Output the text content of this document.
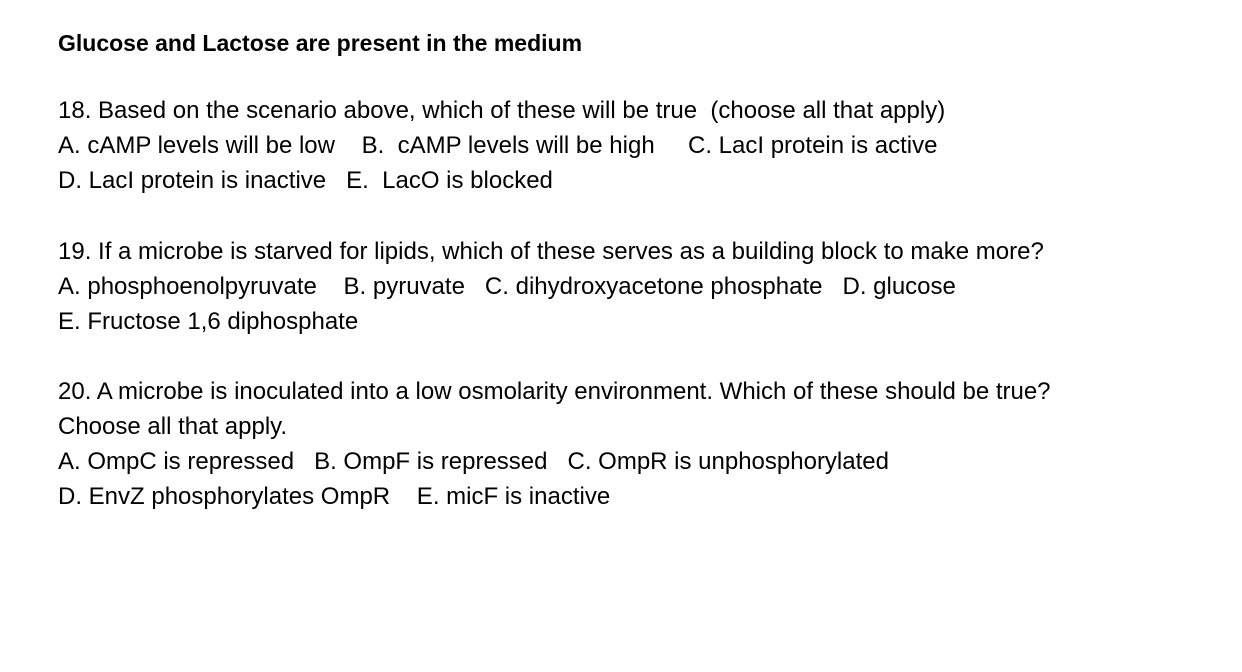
Glucose and Lactose are present in the medium
18. Based on the scenario above, which of these will be true  (choose all that apply)
A. cAMP levels will be low    B.  cAMP levels will be high     C. LacI protein is active
D. LacI protein is inactive   E.  LacO is blocked
19. If a microbe is starved for lipids, which of these serves as a building block to make more?
A. phosphoenolpyruvate    B. pyruvate   C. dihydroxyacetone phosphate   D. glucose
E. Fructose 1,6 diphosphate
20. A microbe is inoculated into a low osmolarity environment. Which of these should be true?
Choose all that apply.
A. OmpC is repressed   B. OmpF is repressed   C. OmpR is unphosphorylated
D. EnvZ phosphorylates OmpR    E. micF is inactive
